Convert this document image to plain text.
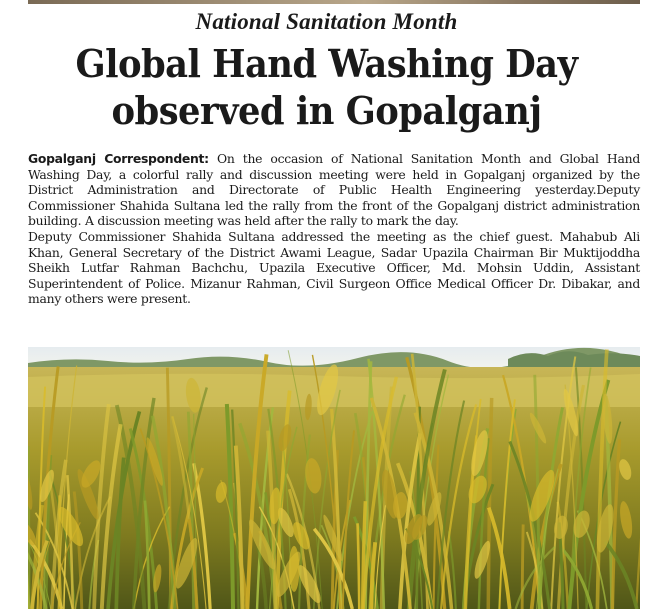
National Sanitation Month
Global Hand Washing Day
observed in Gopalganj

Gopalganj Correspondent: On the occasion of National Sanitation Month and Global Hand Washing Day, a colorful rally and discussion meeting were held in Gopalganj organized by the District Administration and Directorate of Public Health Engineering yesterday.Deputy Commissioner Shahida Sultana led the rally from the front of the Gopalganj district administration building. A discussion meeting was held after the rally to mark the day.

Deputy Commissioner Shahida Sultana addressed the meeting as the chief guest. Mahabub Ali Khan, General Secretary of the District Awami League, Sadar Upazila Chairman Bir Muktijoddha Sheikh Lutfar Rahman Bachchu, Upazila Executive Officer, Md. Mohsin Uddin, Assistant Superintendent of Police. Mizanur Rahman, Civil Surgeon Office Medical Officer Dr. Dibakar, and many others were present.
